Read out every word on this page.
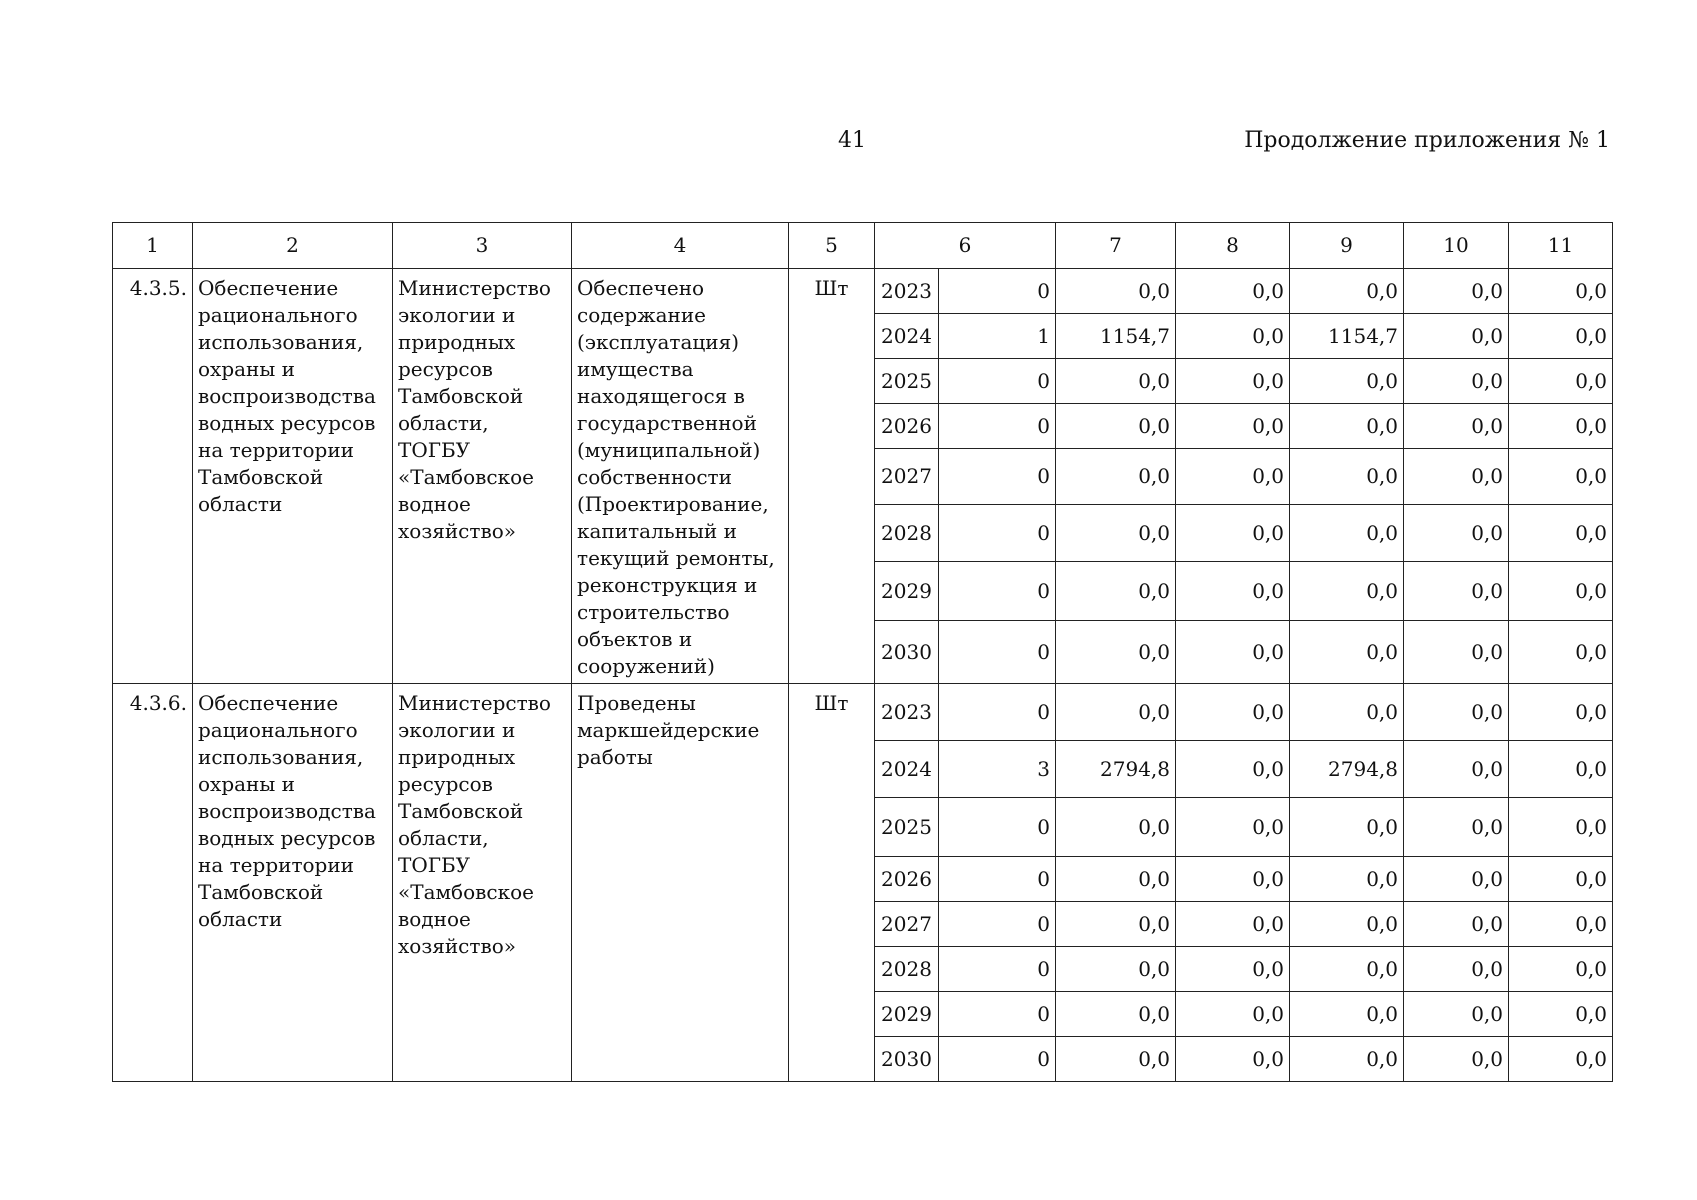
41	Продолжение приложения № 1
1	2	3	4	5	6		7	8	9	10	11
4.3.5.	Обеспечение рационального использования, охраны и воспроизводства водных ресурсов на территории Тамбовской области	Министерство экологии и природных ресурсов Тамбовской области, ТОГБУ «Тамбовское водное хозяйство»	Обеспечено содержание (эксплуатация) имущества находящегося в государственной (муниципальной) собственности (Проектирование, капитальный и текущий ремонты, реконструкция и строительство объектов и сооружений)	Шт	2023	0	0,0	0,0	0,0	0,0	0,0
					2024	1	1154,7	0,0	1154,7	0,0	0,0
					2025	0	0,0	0,0	0,0	0,0	0,0
					2026	0	0,0	0,0	0,0	0,0	0,0
					2027	0	0,0	0,0	0,0	0,0	0,0
					2028	0	0,0	0,0	0,0	0,0	0,0
					2029	0	0,0	0,0	0,0	0,0	0,0
					2030	0	0,0	0,0	0,0	0,0	0,0
4.3.6.	Обеспечение рационального использования, охраны и воспроизводства водных ресурсов на территории Тамбовской области	Министерство экологии и природных ресурсов Тамбовской области, ТОГБУ «Тамбовское водное хозяйство»	Проведены маркшейдерские работы	Шт	2023	0	0,0	0,0	0,0	0,0	0,0
					2024	3	2794,8	0,0	2794,8	0,0	0,0
					2025	0	0,0	0,0	0,0	0,0	0,0
					2026	0	0,0	0,0	0,0	0,0	0,0
					2027	0	0,0	0,0	0,0	0,0	0,0
					2028	0	0,0	0,0	0,0	0,0	0,0
					2029	0	0,0	0,0	0,0	0,0	0,0
					2030	0	0,0	0,0	0,0	0,0	0,0
